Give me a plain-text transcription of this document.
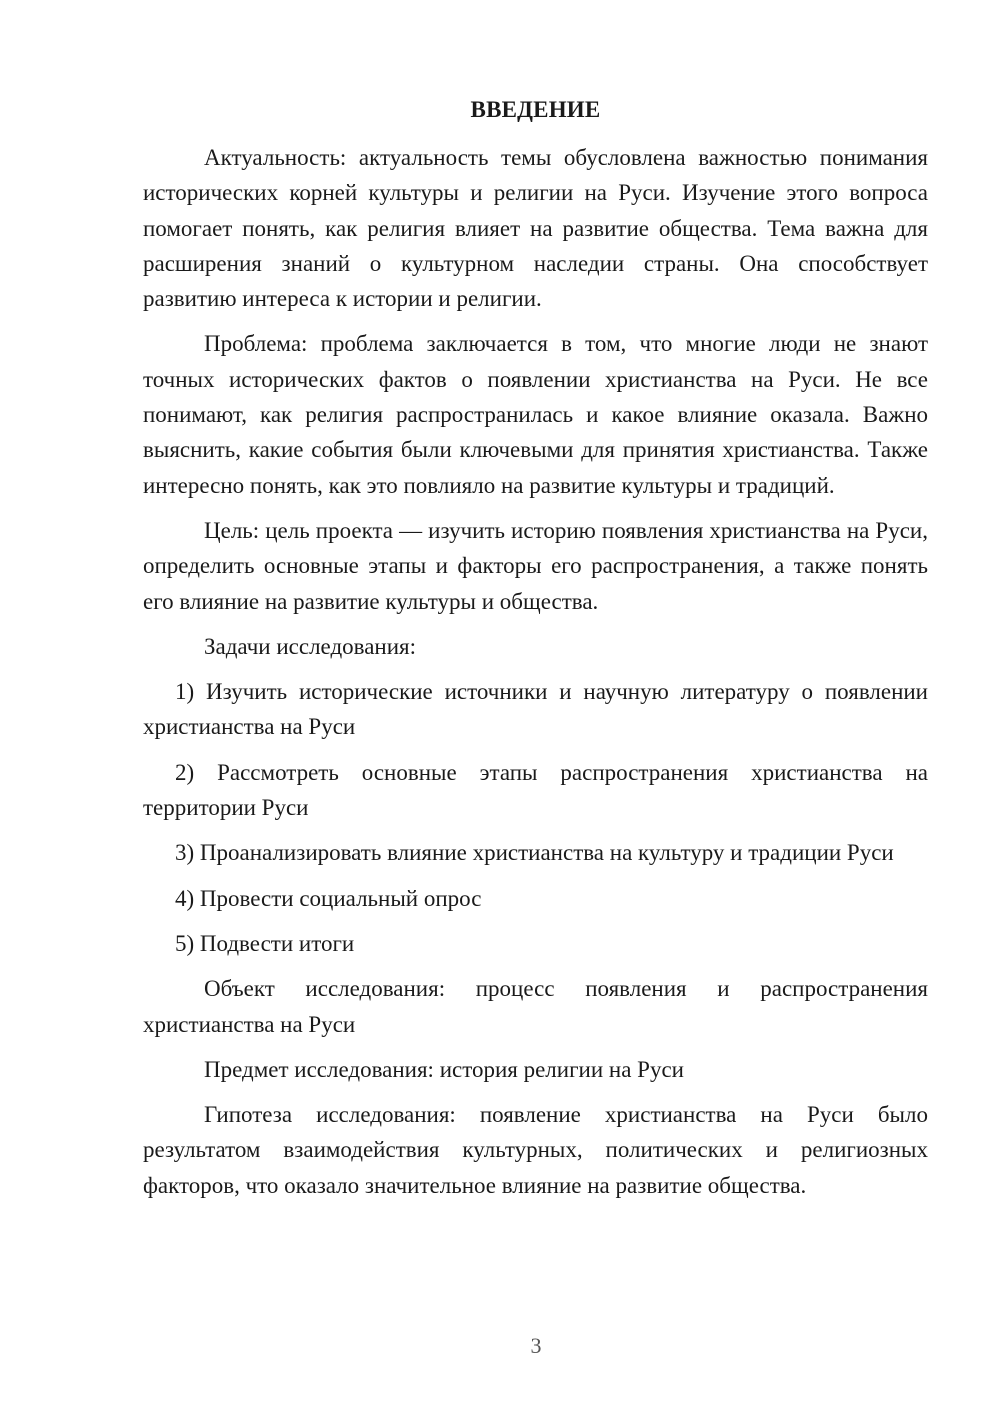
ВВЕДЕНИЕ

Актуальность: актуальность темы обусловлена важностью понимания исторических корней культуры и религии на Руси. Изучение этого вопроса помогает понять, как религия влияет на развитие общества. Тема важна для расширения знаний о культурном наследии страны. Она способствует развитию интереса к истории и религии.

Проблема: проблема заключается в том, что многие люди не знают точных исторических фактов о появлении христианства на Руси. Не все понимают, как религия распространилась и какое влияние оказала. Важно выяснить, какие события были ключевыми для принятия христианства. Также интересно понять, как это повлияло на развитие культуры и традиций.

Цель: цель проекта — изучить историю появления христианства на Руси, определить основные этапы и факторы его распространения, а также понять его влияние на развитие культуры и общества.

Задачи исследования:

1) Изучить исторические источники и научную литературу о появлении христианства на Руси

2) Рассмотреть основные этапы распространения христианства на территории Руси

3) Проанализировать влияние христианства на культуру и традиции Руси

4) Провести социальный опрос

5) Подвести итоги

Объект исследования: процесс появления и распространения христианства на Руси

Предмет исследования: история религии на Руси

Гипотеза исследования: появление христианства на Руси было результатом взаимодействия культурных, политических и религиозных факторов, что оказало значительное влияние на развитие общества.

3
